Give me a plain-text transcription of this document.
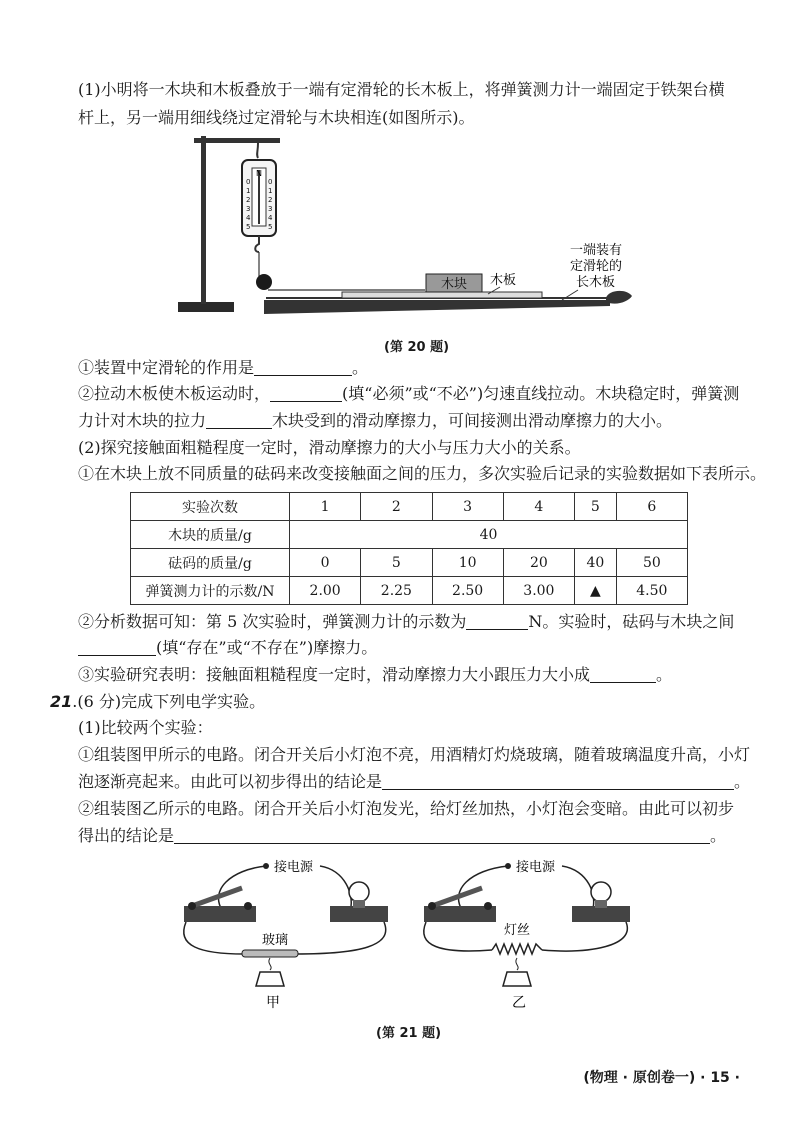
(1)小明将一木块和木板叠放于一端有定滑轮的长木板上，将弹簧测力计一端固定于铁架台横
杆上，另一端用细线绕过定滑轮与木块相连(如图所示)。
N
0
1
2
3
4
5
0
1
2
3
4
5
木块 木板
一端装有
定滑轮的
长木板
(第 20 题)
①装置中定滑轮的作用是	。
②拉动木板使木板运动时，	(填“必须”或“不必”)匀速直线拉动。木块稳定时，弹簧测
力计对木块的拉力	木块受到的滑动摩擦力，可间接测出滑动摩擦力的大小。
(2)探究接触面粗糙程度一定时，滑动摩擦力的大小与压力大小的关系。
①在木块上放不同质量的砝码来改变接触面之间的压力，多次实验后记录的实验数据如下表所示。
实验次数	1	2	3	4	5	6
木块的质量/g	40					
砝码的质量/g	0	5	10	20	40	50
弹簧测力计的示数/N	2.00	2.25	2.50	3.00	▲	4.50
②分析数据可知：第 5 次实验时，弹簧测力计的示数为	N。实验时，砝码与木块之间
(填“存在”或“不存在”)摩擦力。
③实验研究表明：接触面粗糙程度一定时，滑动摩擦力大小跟压力大小成	。
21.(6 分)完成下列电学实验。
(1)比较两个实验：
①组装图甲所示的电路。闭合开关后小灯泡不亮，用酒精灯灼烧玻璃，随着玻璃温度升高，小灯
泡逐渐亮起来。由此可以初步得出的结论是	。
②组装图乙所示的电路。闭合开关后小灯泡发光，给灯丝加热，小灯泡会变暗。由此可以初步
得出的结论是	。
接电源
玻璃
甲
接电源
灯丝
乙
(第 21 题)
(物理 · 原创卷一) · 15 ·
